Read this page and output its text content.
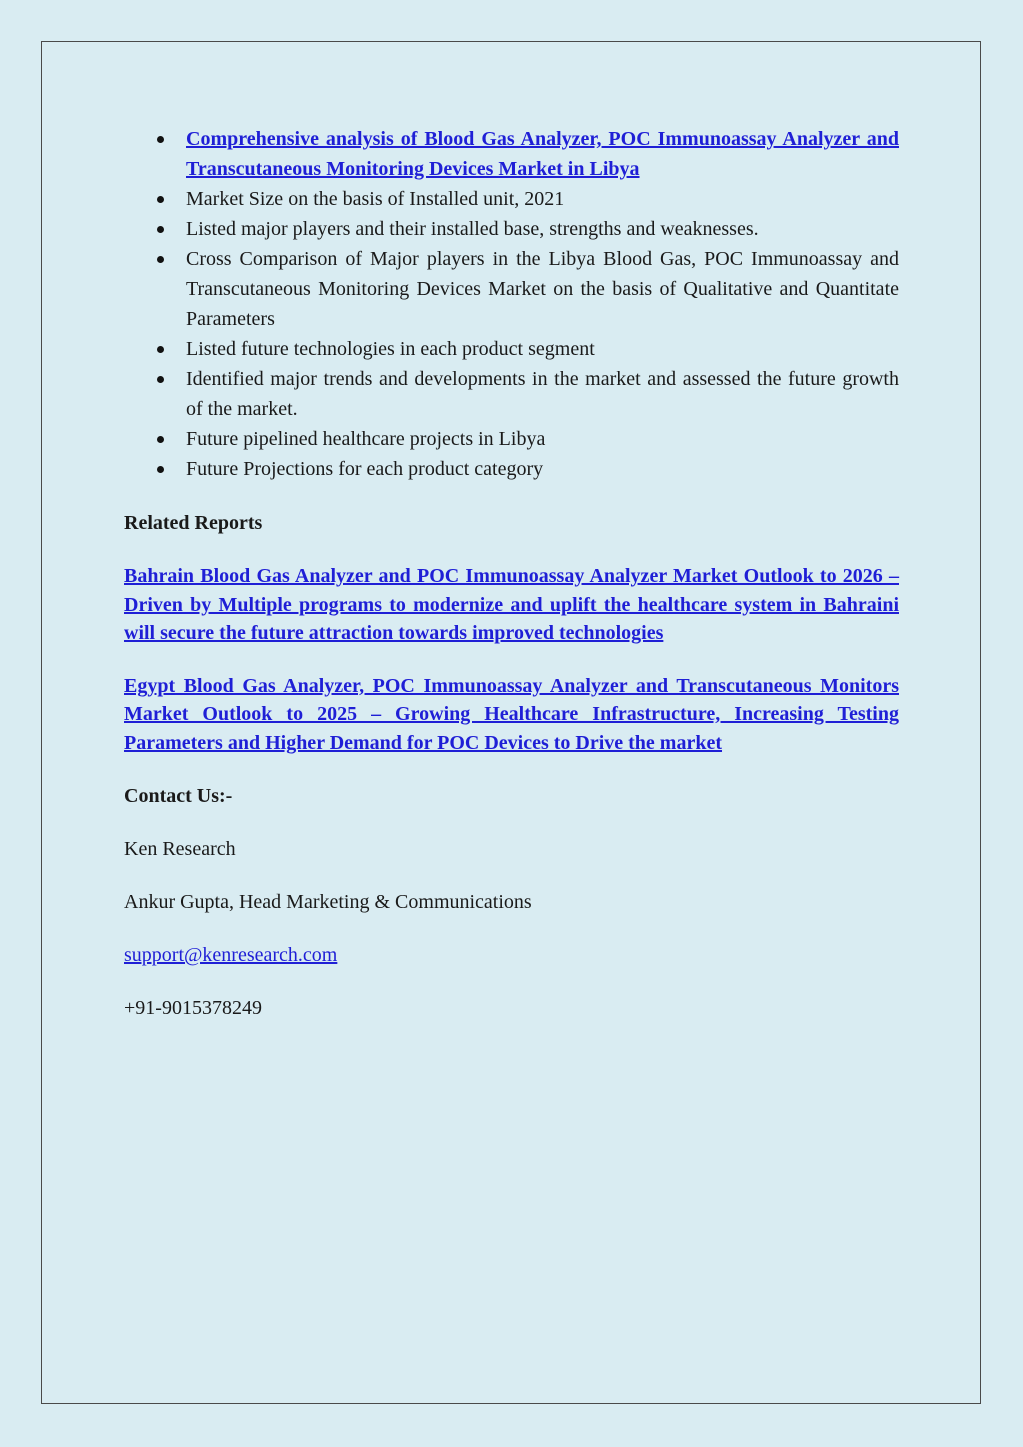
Comprehensive analysis of Blood Gas Analyzer, POC Immunoassay Analyzer and Transcutaneous Monitoring Devices Market in Libya
Market Size on the basis of Installed unit, 2021
Listed major players and their installed base, strengths and weaknesses.
Cross Comparison of Major players in the Libya Blood Gas, POC Immunoassay and Transcutaneous Monitoring Devices Market on the basis of Qualitative and Quantitate Parameters
Listed future technologies in each product segment
Identified major trends and developments in the market and assessed the future growth of the market.
Future pipelined healthcare projects in Libya
Future Projections for each product category

Related Reports

Bahrain Blood Gas Analyzer and POC Immunoassay Analyzer Market Outlook to 2026 – Driven by Multiple programs to modernize and uplift the healthcare system in Bahraini will secure the future attraction towards improved technologies
Egypt Blood Gas Analyzer, POC Immunoassay Analyzer and Transcutaneous Monitors Market Outlook to 2025 – Growing Healthcare Infrastructure, Increasing Testing Parameters and Higher Demand for POC Devices to Drive the market

Contact Us:-

Ken Research

Ankur Gupta, Head Marketing & Communications

support@kenresearch.com

+91-9015378249
